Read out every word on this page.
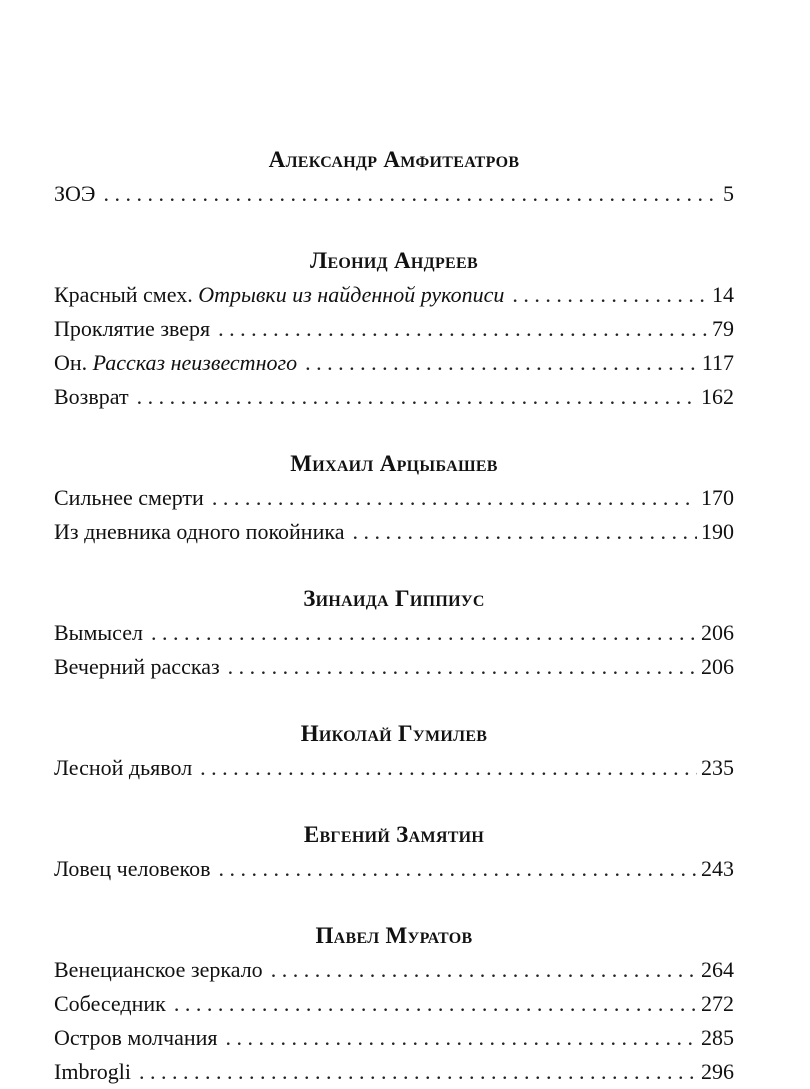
Александр Амфитеатров
ЗОЭ . . .	5
Леонид Андреев
Красный смех. Отрывки из найденной рукописи . . .	14
Проклятие зверя . . .	79
Он. Рассказ неизвестного . . .	117
Возврат . . .	162
Михаил Арцыбашев
Сильнее смерти . . .	170
Из дневника одного покойника . . .	190
Зинаида Гиппиус
Вымысел . . .	206
Вечерний рассказ . . .	206
Николай Гумилев
Лесной дьявол . . .	235
Евгений Замятин
Ловец человеков . . .	243
Павел Муратов
Венецианское зеркало . . .	264
Собеседник . . .	272
Остров молчания . . .	285
Imbrogli . . .	296
